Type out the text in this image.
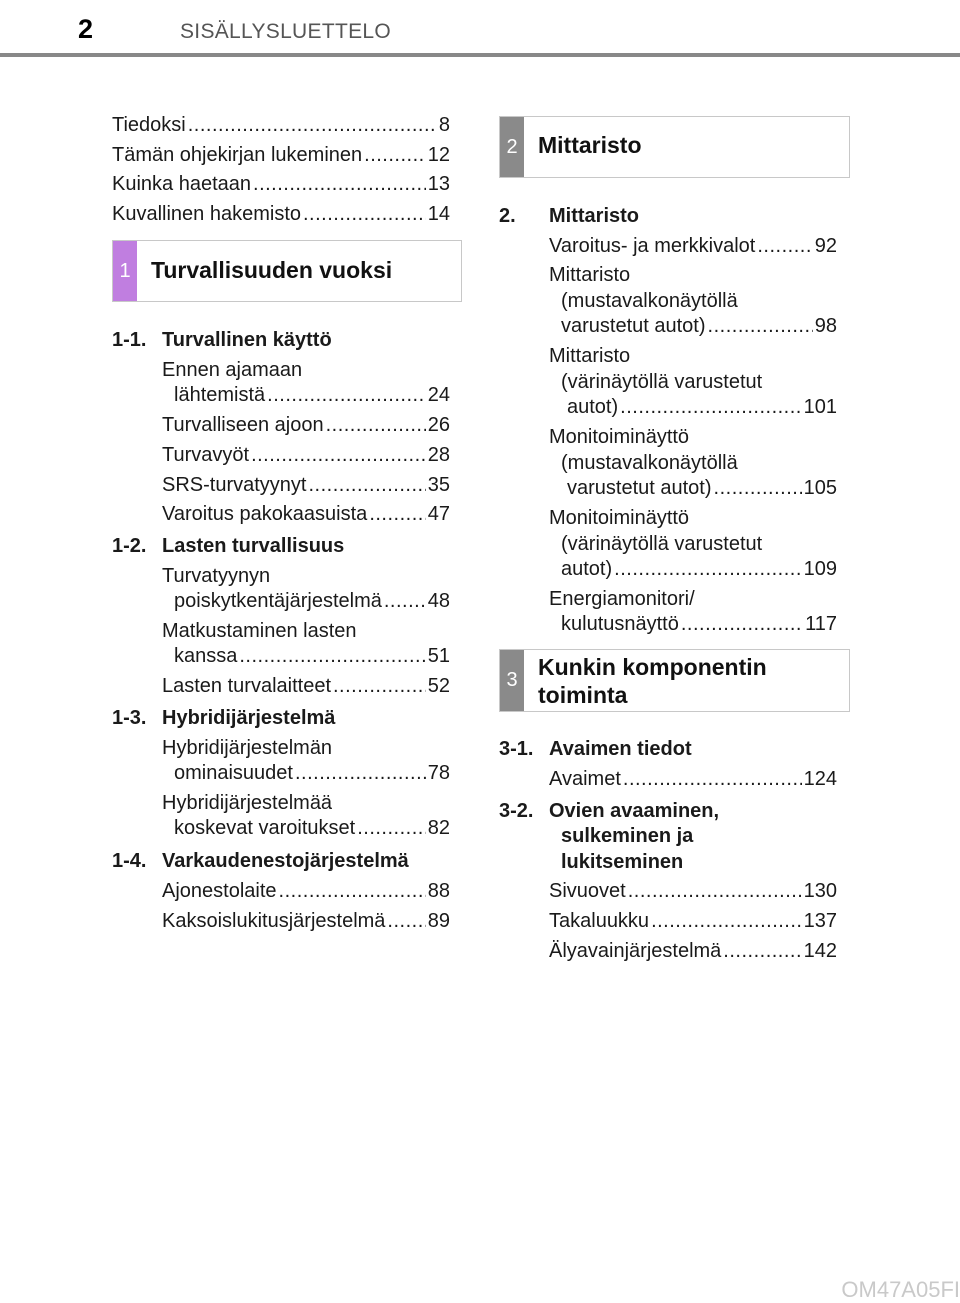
2	SISÄLLYSLUETTELO
Tiedoksi .....	8
Tämän ohjekirjan lukeminen .....	12
Kuinka haetaan .....	13
Kuvallinen hakemisto .....	14
1 Turvallisuuden vuoksi
1-1. Turvallinen käyttö
Ennen ajamaan
lähtemistä .....	24
Turvalliseen ajoon .....	26
Turvavyöt .....	28
SRS-turvatyynyt .....	35
Varoitus pakokaasuista .....	47
1-2. Lasten turvallisuus
Turvatyynyn
poiskytkentäjärjestelmä ..... 48
Matkustaminen lasten
kanssa .....	51
Lasten turvalaitteet .....	52
1-3. Hybridijärjestelmä
Hybridijärjestelmän
ominaisuudet .....	78
Hybridijärjestelmää
koskevat varoitukset .....	82
1-4. Varkaudenestojärjestelmä
Ajonestolaite .....	88
Kaksoislukitusjärjestelmä ..... 89
2 Mittaristo
2. Mittaristo
Varoitus- ja merkkivalot .....	92
Mittaristo
(mustavalkonäytöllä
varustetut autot) .....	98
Mittaristo
(värinäytöllä varustetut
autot) .....	101
Monitoiminäyttö
(mustavalkonäytöllä
varustetut autot) .....	105
Monitoiminäyttö
(värinäytöllä varustetut
autot) .....	109
Energiamonitori/
kulutusnäyttö .....	117
3 Kunkin komponentin
toiminta
3-1. Avaimen tiedot
Avaimet .....	124
3-2. Ovien avaaminen,
sulkeminen ja
lukitseminen
Sivuovet .....	130
Takaluukku .....	137
Älyavainjärjestelmä .....	142
OM47A05FI
